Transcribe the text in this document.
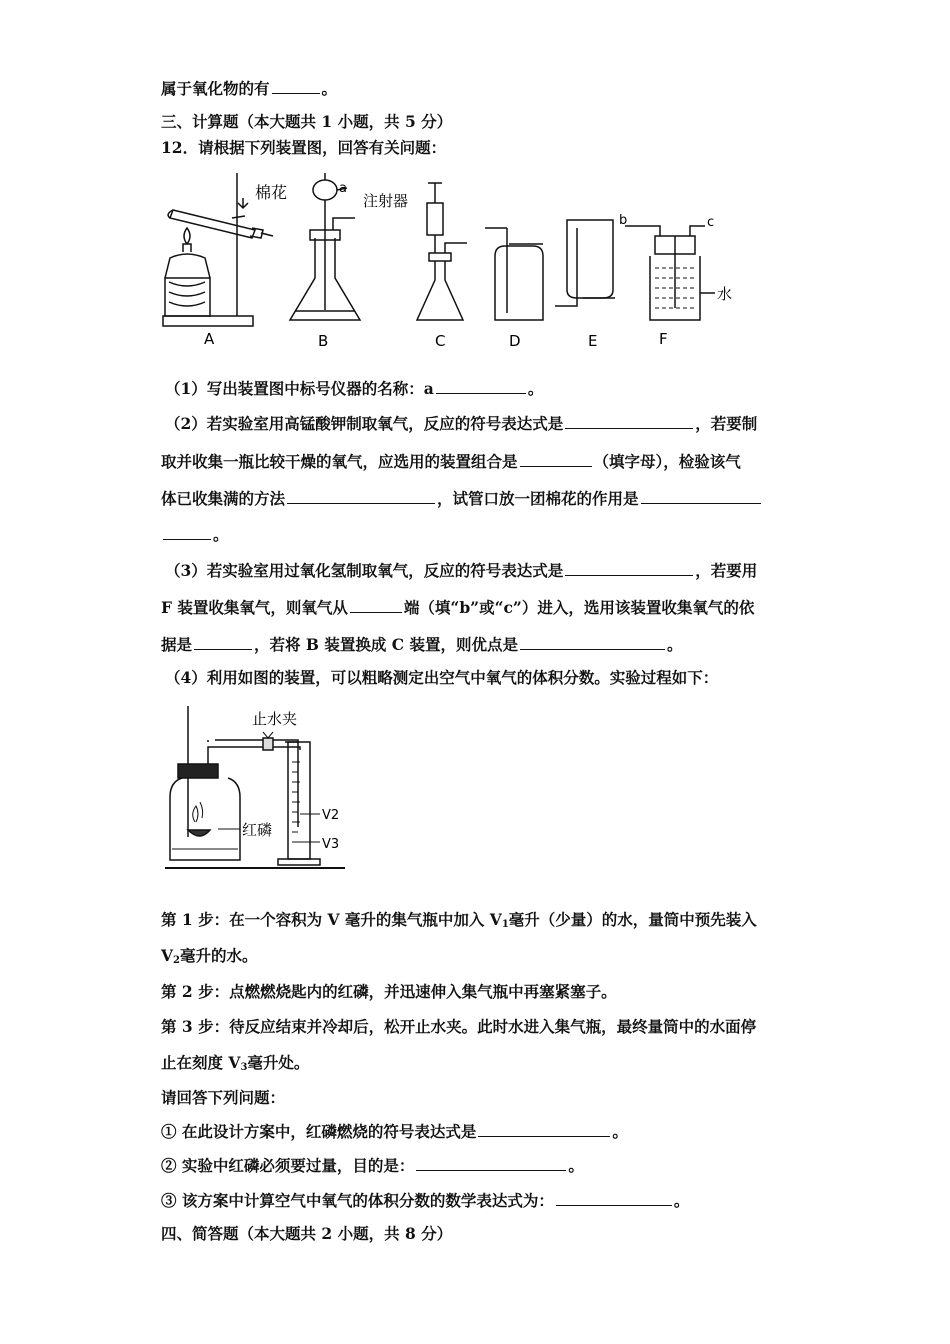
属于氧化物的有	。
三、计算题（本大题共 1 小题，共 5 分）
12．请根据下列装置图，回答有关问题：
棉花	a
注射器
b	c
水
A	B	C	D	E	F
（1）写出装置图中标号仪器的名称：a	。
（2）若实验室用高锰酸钾制取氧气，反应的符号表达式是	，若要制
取并收集一瓶比较干燥的氧气，应选用的装置组合是	（填字母），检验该气
体已收集满的方法	，试管口放一团棉花的作用是
。
（3）若实验室用过氧化氢制取氧气，反应的符号表达式是	，若要用
F 装置收集氧气，则氧气从	端（填“b”或“c”）进入，选用该装置收集氧气的依
据是	，若将 B 装置换成 C 装置，则优点是	。
（4）利用如图的装置，可以粗略测定出空气中氧气的体积分数。实验过程如下：
止水夹
红磷
V2
V3
第 1 步：在一个容积为 V 毫升的集气瓶中加入 $V_1$毫升（少量）的水，量筒中预先装入
$V_2$毫升的水。
第 2 步：点燃燃烧匙内的红磷，并迅速伸入集气瓶中再塞紧塞子。
第 3 步：待反应结束并冷却后，松开止水夹。此时水进入集气瓶，最终量筒中的水面停
止在刻度 $V_3$毫升处。
请回答下列问题：
① 在此设计方案中，红磷燃烧的符号表达式是	。
② 实验中红磷必须要过量，目的是：	。
③ 该方案中计算空气中氧气的体积分数的数学表达式为：	。
四、简答题（本大题共 2 小题，共 8 分）
